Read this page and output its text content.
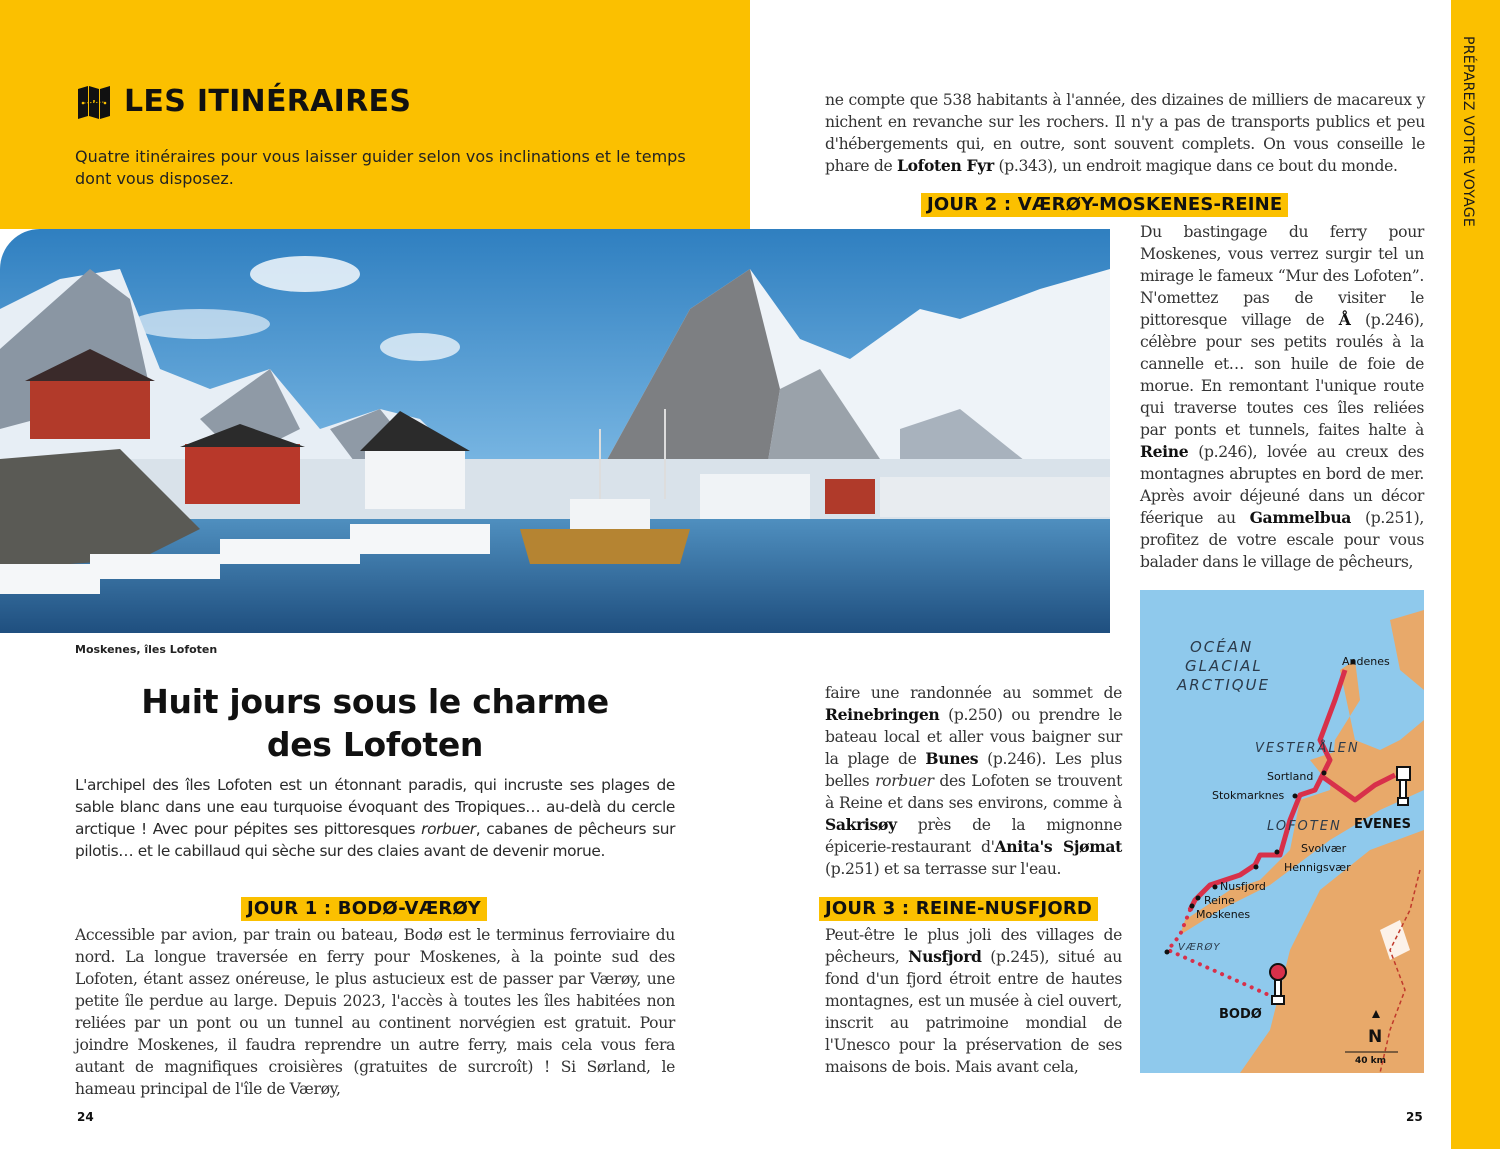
PRÉPAREZ VOTRE VOYAGE
LES ITINÉRAIRES
Quatre itinéraires pour vous laisser guider selon vos inclinations et le temps dont vous disposez.
Moskenes, îles Lofoten
Huit jours sous le charme
des Lofoten
L'archipel des îles Lofoten est un étonnant paradis, qui incruste ses plages de sable blanc dans une eau turquoise évoquant des Tropiques… au-delà du cercle arctique ! Avec pour pépites ses pittoresques rorbuer, cabanes de pêcheurs sur pilotis… et le cabillaud qui sèche sur des claies avant de devenir morue.
JOUR 1 : BODØ-VÆRØY
Accessible par avion, par train ou bateau, Bodø est le terminus ferroviaire du nord. La longue traversée en ferry pour Moskenes, à la pointe sud des Lofoten, étant assez onéreuse, le plus astucieux est de passer par Værøy, une petite île perdue au large. Depuis 2023, l'accès à toutes les îles habitées non reliées par un pont ou un tunnel au continent norvégien est gratuit. Pour joindre Moskenes, il faudra reprendre un autre ferry, mais cela vous fera autant de magnifiques croisières (gratuites de surcroît) ! Si Sørland, le hameau principal de l'île de Værøy,
ne compte que 538 habitants à l'année, des dizaines de milliers de macareux y nichent en revanche sur les rochers. Il n'y a pas de transports publics et peu d'hébergements qui, en outre, sont souvent complets. On vous conseille le phare de Lofoten Fyr (p.343), un endroit magique dans ce bout du monde.
JOUR 2 : VÆRØY-MOSKENES-REINE
Du bastingage du ferry pour Moskenes, vous verrez surgir tel un mirage le fameux “Mur des Lofoten”. N'omettez pas de visiter le pittoresque village de Å (p.246), célèbre pour ses petits roulés à la cannelle et… son huile de foie de morue. En remontant l'unique route qui traverse toutes ces îles reliées par ponts et tunnels, faites halte à Reine (p.246), lovée au creux des montagnes abruptes en bord de mer. Après avoir déjeuné dans un décor féerique au Gammelbua (p.251), profitez de votre escale pour vous balader dans le village de pêcheurs,
faire une randonnée au sommet de Reinebringen (p.250) ou prendre le bateau local et aller vous baigner sur la plage de Bunes (p.246). Les plus belles rorbuer des Lofoten se trouvent à Reine et dans ses environs, comme à Sakrisøy près de la mignonne épicerie-restaurant d'Anita's Sjømat (p.251) et sa terrasse sur l'eau.
JOUR 3 : REINE-NUSFJORD
Peut-être le plus joli des villages de pêcheurs, Nusfjord (p.245), situé au fond d'un fjord étroit entre de hautes montagnes, est un musée à ciel ouvert, inscrit au patrimoine mondial de l'Unesco pour la préservation de ses maisons de bois. Mais avant cela,
OCÉAN
GLACIAL
ARCTIQUE
VESTERÅLEN
LOFOTEN
VÆRØY
Andenes
Sortland
Stokmarknes
Svolvær
Hennigsvær
Nusfjord
Reine
Moskenes
BODØ
EVENES
N
40 km
24	25
